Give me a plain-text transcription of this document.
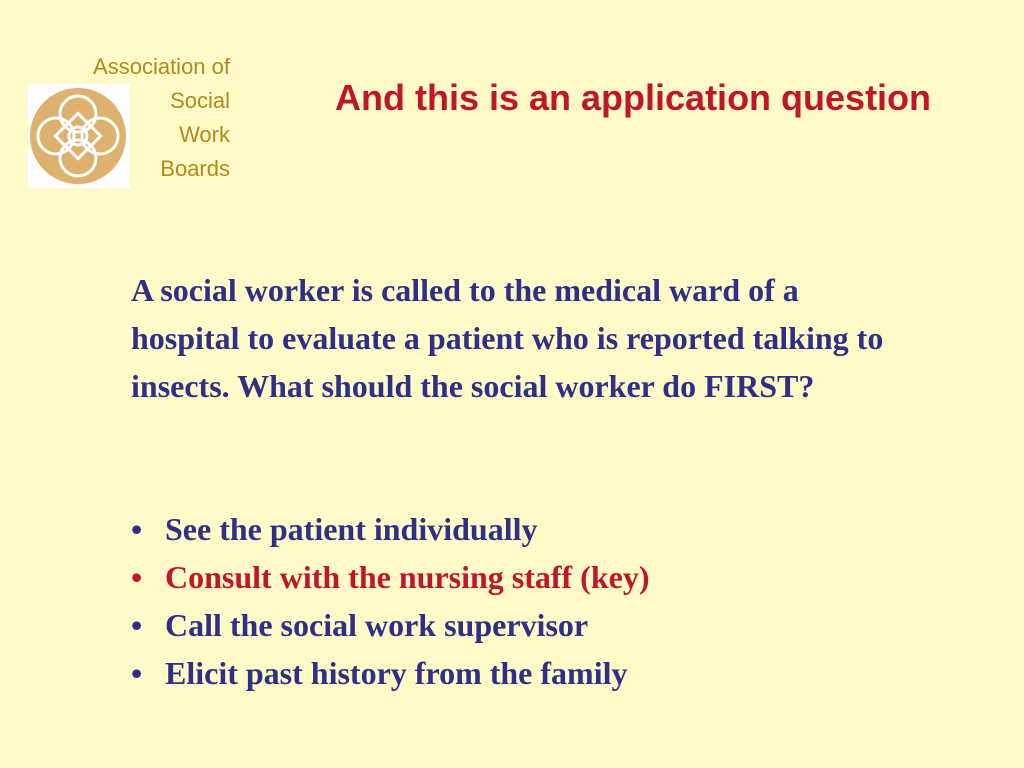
Association of
Social
Work
Boards
And this is an application question
A social worker is called to the medical ward of a hospital to evaluate a patient who is reported talking to insects. What should the social worker do FIRST?
• See the patient individually
• Consult with the nursing staff (key)
• Call the social work supervisor
• Elicit past history from the family
